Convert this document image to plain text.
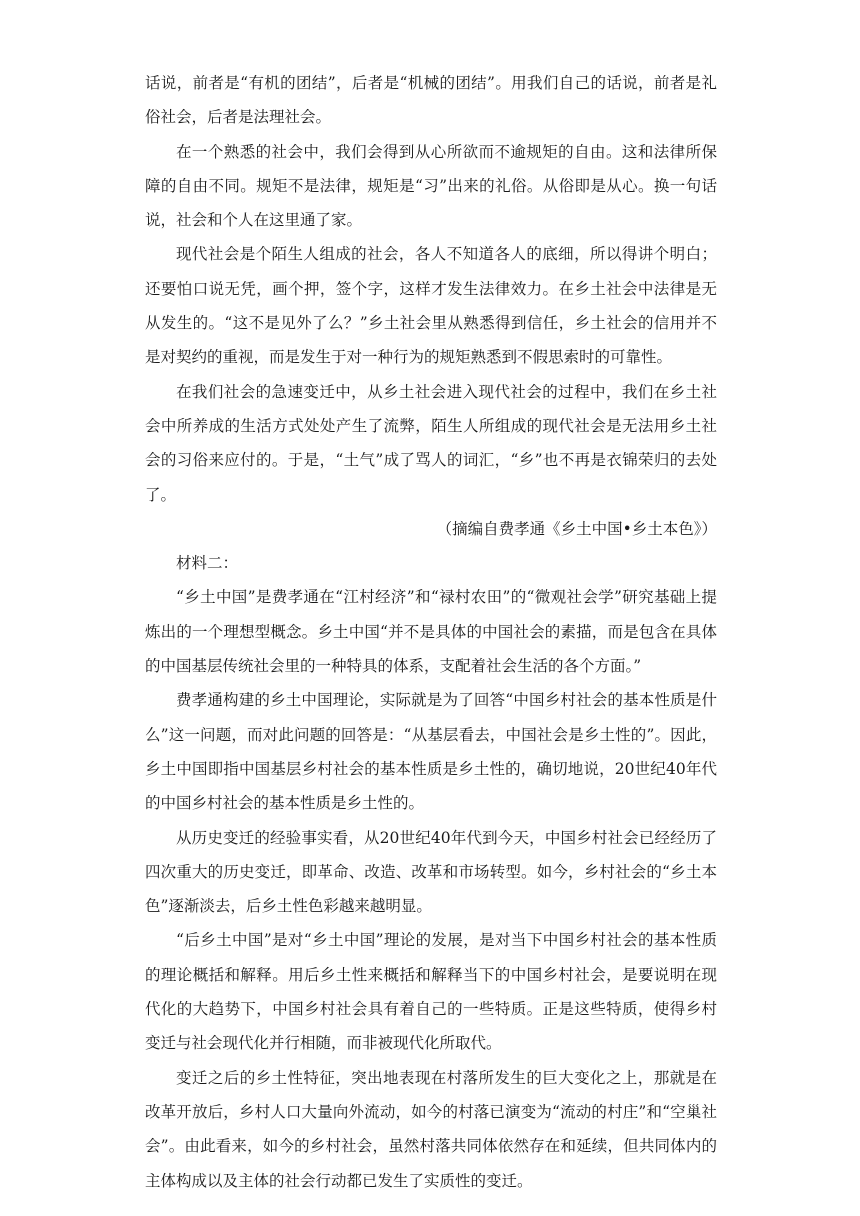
话说，前者是“有机的团结”，后者是“机械的团结”。用我们自己的话说，前者是礼俗社会，后者是法理社会。

在一个熟悉的社会中，我们会得到从心所欲而不逾规矩的自由。这和法律所保障的自由不同。规矩不是法律，规矩是“习”出来的礼俗。从俗即是从心。换一句话说，社会和个人在这里通了家。

现代社会是个陌生人组成的社会，各人不知道各人的底细，所以得讲个明白；还要怕口说无凭，画个押，签个字，这样才发生法律效力。在乡土社会中法律是无从发生的。“这不是见外了么？”乡土社会里从熟悉得到信任，乡土社会的信用并不是对契约的重视，而是发生于对一种行为的规矩熟悉到不假思索时的可靠性。

在我们社会的急速变迁中，从乡土社会进入现代社会的过程中，我们在乡土社会中所养成的生活方式处处产生了流弊，陌生人所组成的现代社会是无法用乡土社会的习俗来应付的。于是，“土气”成了骂人的词汇，“乡”也不再是衣锦荣归的去处了。

（摘编自费孝通《乡土中国•乡土本色》）

材料二：

“乡土中国”是费孝通在“江村经济”和“禄村农田”的“微观社会学”研究基础上提炼出的一个理想型概念。乡土中国“并不是具体的中国社会的素描，而是包含在具体的中国基层传统社会里的一种特具的体系，支配着社会生活的各个方面。”

费孝通构建的乡土中国理论，实际就是为了回答“中国乡村社会的基本性质是什么”这一问题，而对此问题的回答是：“从基层看去，中国社会是乡土性的”。因此，乡土中国即指中国基层乡村社会的基本性质是乡土性的，确切地说，20世纪40年代的中国乡村社会的基本性质是乡土性的。

从历史变迁的经验事实看，从20世纪40年代到今天，中国乡村社会已经经历了四次重大的历史变迁，即革命、改造、改革和市场转型。如今，乡村社会的“乡土本色”逐渐淡去，后乡土性色彩越来越明显。

“后乡土中国”是对“乡土中国”理论的发展，是对当下中国乡村社会的基本性质的理论概括和解释。用后乡土性来概括和解释当下的中国乡村社会，是要说明在现代化的大趋势下，中国乡村社会具有着自己的一些特质。正是这些特质，使得乡村变迁与社会现代化并行相随，而非被现代化所取代。

变迁之后的乡土性特征，突出地表现在村落所发生的巨大变化之上，那就是在改革开放后，乡村人口大量向外流动，如今的村落已演变为“流动的村庄”和“空巢社会”。由此看来，如今的乡村社会，虽然村落共同体依然存在和延续，但共同体内的主体构成以及主体的社会行动都已发生了实质性的变迁。
